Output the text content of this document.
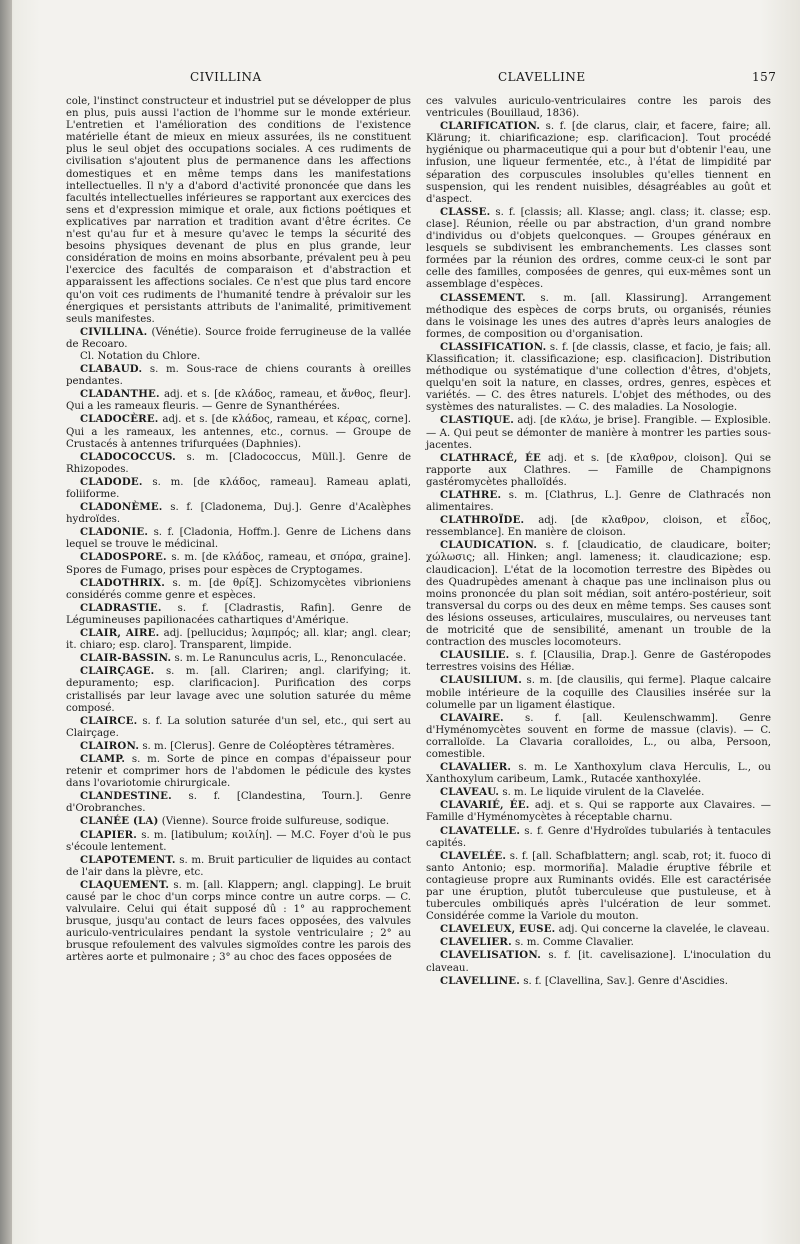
CIVILLINA	CLAVELLINE	157

cole, l'instinct constructeur et industriel put se développer de plus en plus, puis aussi l'action de l'homme sur le monde extérieur. L'entretien et l'amélioration des conditions de l'existence matérielle étant de mieux en mieux assurées, ils ne constituent plus le seul objet des occupations sociales. A ces rudiments de civilisation s'ajoutent plus de permanence dans les affections domestiques et en même temps dans les manifestations intellectuelles. Il n'y a d'abord d'activité prononcée que dans les facultés intellectuelles inférieures se rapportant aux exercices des sens et d'expression mimique et orale, aux fictions poétiques et explicatives par narration et tradition avant d'être écrites. Ce n'est qu'au fur et à mesure qu'avec le temps la sécurité des besoins physiques devenant de plus en plus grande, leur considération de moins en moins absorbante, prévalent peu à peu l'exercice des facultés de comparaison et d'abstraction et apparaissent les affections sociales. Ce n'est que plus tard encore qu'on voit ces rudiments de l'humanité tendre à prévaloir sur les énergiques et persistants attributs de l'animalité, primitivement seuls manifestes.

CIVILLINA. (Vénétie). Source froide ferrugineuse de la vallée de Recoaro.

Cl. Notation du Chlore.

CLABAUD. s. m. Sous-race de chiens courants à oreilles pendantes.

CLADANTHE. adj. et s. [de κλάδος, rameau, et ἄνθος, fleur]. Qui a les rameaux fleuris. — Genre de Synanthérées.

CLADOCÈRE. adj. et s. [de κλάδος, rameau, et κέρας, corne]. Qui a les rameaux, les antennes, etc., cornus. — Groupe de Crustacés à antennes trifurquées (Daphnies).

CLADOCOCCUS. s. m. [Cladococcus, Müll.]. Genre de Rhizopodes.

CLADODE. s. m. [de κλάδος, rameau]. Rameau aplati, foliiforme.

CLADONÈME. s. f. [Cladonema, Duj.]. Genre d'Acalèphes hydroïdes.

CLADONIE. s. f. [Cladonia, Hoffm.]. Genre de Lichens dans lequel se trouve le médicinal.

CLADOSPORE. s. m. [de κλάδος, rameau, et σπόρα, graine]. Spores de Fumago, prises pour espèces de Cryptogames.

CLADOTHRIX. s. m. [de θρίξ]. Schizomycètes vibrioniens considérés comme genre et espèces.

CLADRASTIE. s. f. [Cladrastis, Rafin]. Genre de Légumineuses papilionacées cathartiques d'Amérique.

CLAIR, AIRE. adj. [pellucidus; λαμπρός; all. klar; angl. clear; it. chiaro; esp. claro]. Transparent, limpide.

CLAIR-BASSIN. s. m. Le Ranunculus acris, L., Renonculacée.

CLAIRÇAGE. s. m. [all. Clariren; angl. clarifying; it. depuramento; esp. clarificacion]. Purification des corps cristallisés par leur lavage avec une solution saturée du même composé.

CLAIRCE. s. f. La solution saturée d'un sel, etc., qui sert au Clairçage.

CLAIRON. s. m. [Clerus]. Genre de Coléoptères tétramères.

CLAMP. s. m. Sorte de pince en compas d'épaisseur pour retenir et comprimer hors de l'abdomen le pédicule des kystes dans l'ovariotomie chirurgicale.

CLANDESTINE. s. f. [Clandestina, Tourn.]. Genre d'Orobranches.

CLANÉE (LA) (Vienne). Source froide sulfureuse, sodique.

CLAPIER. s. m. [latibulum; κοιλίη]. — M.C. Foyer d'où le pus s'écoule lentement.

CLAPOTEMENT. s. m. Bruit particulier de liquides au contact de l'air dans la plèvre, etc.

CLAQUEMENT. s. m. [all. Klappern; angl. clapping]. Le bruit causé par le choc d'un corps mince contre un autre corps. — C. valvulaire. Celui qui était supposé dû : 1° au rapprochement brusque, jusqu'au contact de leurs faces opposées, des valvules auriculo-ventriculaires pendant la systole ventriculaire ; 2° au brusque refoulement des valvules sigmoïdes contre les parois des artères aorte et pulmonaire ; 3° au choc des faces opposées de

ces valvules auriculo-ventriculaires contre les parois des ventricules (Bouillaud, 1836).

CLARIFICATION. s. f. [de clarus, clair, et facere, faire; all. Klärung; it. chiarificazione; esp. clarificacion]. Tout procédé hygiénique ou pharmaceutique qui a pour but d'obtenir l'eau, une infusion, une liqueur fermentée, etc., à l'état de limpidité par séparation des corpuscules insolubles qu'elles tiennent en suspension, qui les rendent nuisibles, désagréables au goût et d'aspect.

CLASSE. s. f. [classis; all. Klasse; angl. class; it. classe; esp. clase]. Réunion, réelle ou par abstraction, d'un grand nombre d'individus ou d'objets quelconques. — Groupes généraux en lesquels se subdivisent les embranchements. Les classes sont formées par la réunion des ordres, comme ceux-ci le sont par celle des familles, composées de genres, qui eux-mêmes sont un assemblage d'espèces.

CLASSEMENT. s. m. [all. Klassirung]. Arrangement méthodique des espèces de corps bruts, ou organisés, réunies dans le voisinage les unes des autres d'après leurs analogies de formes, de composition ou d'organisation.

CLASSIFICATION. s. f. [de classis, classe, et facio, je fais; all. Klassification; it. classificazione; esp. clasificacion]. Distribution méthodique ou systématique d'une collection d'êtres, d'objets, quelqu'en soit la nature, en classes, ordres, genres, espèces et variétés. — C. des êtres naturels. L'objet des méthodes, ou des systèmes des naturalistes. — C. des maladies. La Nosologie.

CLASTIQUE. adj. [de κλάω, je brise]. Frangible. — Explosible. — A. Qui peut se démonter de manière à montrer les parties sous-jacentes.

CLATHRACÉ, ÉE adj. et s. [de κλαθρον, cloison]. Qui se rapporte aux Clathres. — Famille de Champignons gastéromycètes phalloïdés.

CLATHRE. s. m. [Clathrus, L.]. Genre de Clathracés non alimentaires.

CLATHROÏDE. adj. [de κλαθρον, cloison, et εἶδος, ressemblance]. En manière de cloison.

CLAUDICATION. s. f. [claudicatio, de claudicare, boiter; χώλωσις; all. Hinken; angl. lameness; it. claudicazione; esp. claudicacion]. L'état de la locomotion terrestre des Bipèdes ou des Quadrupèdes amenant à chaque pas une inclinaison plus ou moins prononcée du plan soit médian, soit antéro-postérieur, soit transversal du corps ou des deux en même temps. Ses causes sont des lésions osseuses, articulaires, musculaires, ou nerveuses tant de motricité que de sensibilité, amenant un trouble de la contraction des muscles locomoteurs.

CLAUSILIE. s. f. [Clausilia, Drap.]. Genre de Gastéropodes terrestres voisins des Héliæ.

CLAUSILIUM. s. m. [de clausilis, qui ferme]. Plaque calcaire mobile intérieure de la coquille des Clausilies insérée sur la columelle par un ligament élastique.

CLAVAIRE. s. f. [all. Keulenschwamm]. Genre d'Hyménomycètes souvent en forme de massue (clavis). — C. corralloïde. La Clavaria coralloides, L., ou alba, Persoon, comestible.

CLAVALIER. s. m. Le Xanthoxylum clava Herculis, L., ou Xanthoxylum caribeum, Lamk., Rutacée xanthoxylée.

CLAVEAU. s. m. Le liquide virulent de la Clavelée.

CLAVARIÉ, ÉE. adj. et s. Qui se rapporte aux Clavaires. — Famille d'Hyménomycètes à réceptable charnu.

CLAVATELLE. s. f. Genre d'Hydroïdes tubulariés à tentacules capités.

CLAVELÉE. s. f. [all. Schafblattern; angl. scab, rot; it. fuoco di santo Antonio; esp. mormoriña]. Maladie éruptive fébrile et contagieuse propre aux Ruminants ovidés. Elle est caractérisée par une éruption, plutôt tuberculeuse que pustuleuse, et à tubercules ombiliqués après l'ulcération de leur sommet. Considérée comme la Variole du mouton.

CLAVELEUX, EUSE. adj. Qui concerne la clavelée, le claveau.

CLAVELIER. s. m. Comme Clavalier.

CLAVELISATION. s. f. [it. cavelisazione]. L'inoculation du claveau.

CLAVELLINE. s. f. [Clavellina, Sav.]. Genre d'Ascidies.
